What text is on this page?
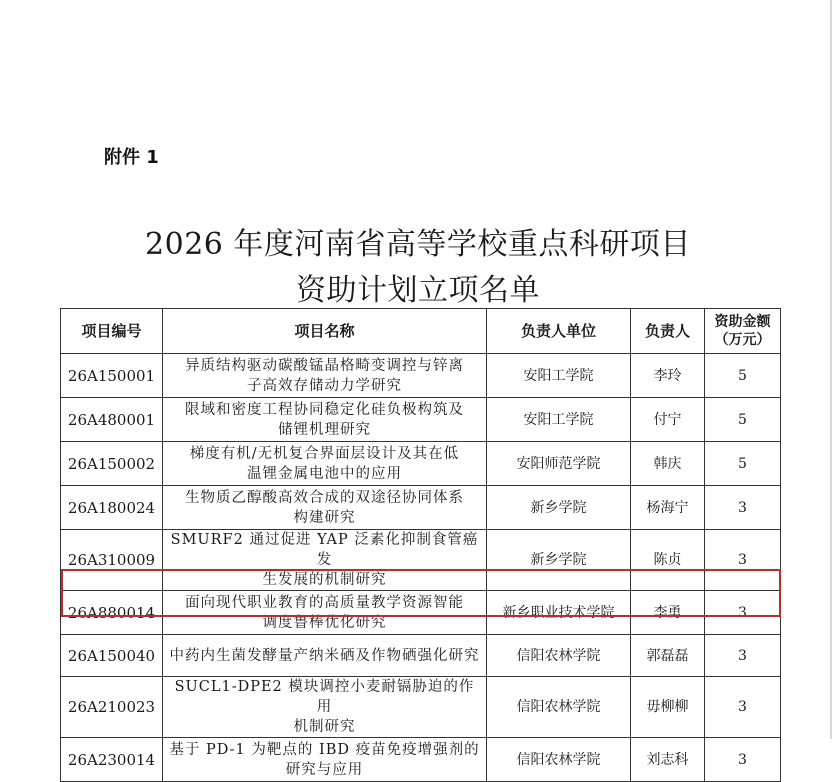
附件 1
2026 年度河南省高等学校重点科研项目
资助计划立项名单
项目编号	项目名称	负责人单位	负责人	资助金额
（万元）

26A150001	异质结构驱动碳酸锰晶格畸变调控与锌离
子高效存储动力学研究	安阳工学院	李玲	5
26A480001	限域和密度工程协同稳定化硅负极构筑及
储锂机理研究	安阳工学院	付宁	5
26A150002	梯度有机/无机复合界面层设计及其在低
温锂金属电池中的应用	安阳师范学院	韩庆	5
26A180024	生物质乙醇酸高效合成的双途径协同体系
构建研究	新乡学院	杨海宁	3
26A310009	SMURF2 通过促进 YAP 泛素化抑制食管癌发
生发展的机制研究	新乡学院	陈贞	3
26A880014	面向现代职业教育的高质量教学资源智能
调度鲁棒优化研究	新乡职业技术学院	李勇	3
26A150040	中药内生菌发酵量产纳米硒及作物硒强化研究	信阳农林学院	郭磊磊	3
26A210023	SUCL1-DPE2 模块调控小麦耐镉胁迫的作用
机制研究	信阳农林学院	毋柳柳	3
26A230014	基于 PD-1 为靶点的 IBD 疫苗免疫增强剂的
研究与应用	信阳农林学院	刘志科	3
